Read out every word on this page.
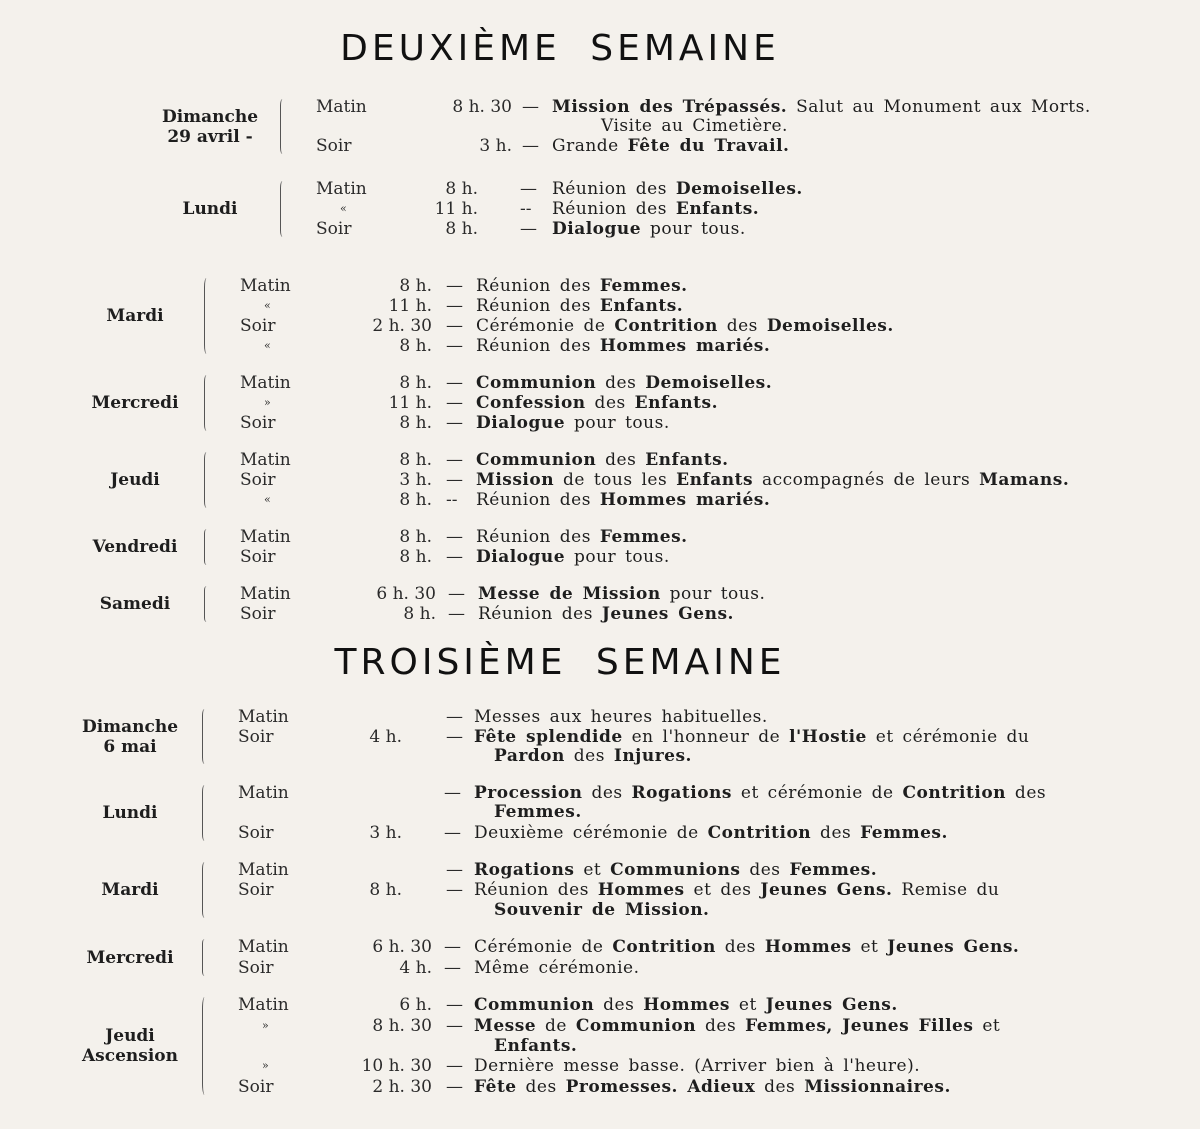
DEUXIÈME SEMAINE
Dimanche
29 avril -
Matin	8 h. 30 — Mission des Trépassés. Salut au Monument aux Morts.
Visite au Cimetière.
Soir	3 h. — Grande Fête du Travail.
Lundi
Matin	8 h. — Réunion des Demoiselles.
«	11 h. -- Réunion des Enfants.
Soir	8 h. — Dialogue pour tous.
Mardi
Matin	8 h. — Réunion des Femmes.
«	11 h. — Réunion des Enfants.
Soir	2 h. 30 — Cérémonie de Contrition des Demoiselles.
«	8 h. — Réunion des Hommes mariés.
Mercredi
Matin	8 h. — Communion des Demoiselles.
»	11 h. — Confession des Enfants.
Soir	8 h. — Dialogue pour tous.
Jeudi
Matin	8 h. — Communion des Enfants.
Soir	3 h. — Mission de tous les Enfants accompagnés de leurs Mamans.
«	8 h. -- Réunion des Hommes mariés.
Vendredi	Matin	8 h. — Réunion des Femmes.
Soir	8 h. — Dialogue pour tous.
Samedi	Matin	6 h. 30 — Messe de Mission pour tous.
Soir	8 h. — Réunion des Jeunes Gens.
TROISIÈME SEMAINE
Dimanche
6 mai
Matin	— Messes aux heures habituelles.
Soir	4 h.	— Fête splendide en l'honneur de l'Hostie et cérémonie du
Pardon des Injures.
Lundi
Matin	— Procession des Rogations et cérémonie de Contrition des
Femmes.
Soir	3 h. — Deuxième cérémonie de Contrition des Femmes.
Mardi
Matin	— Rogations et Communions des Femmes.
Soir	8 h.	— Réunion des Hommes et des Jeunes Gens. Remise du
Souvenir de Mission.
Mercredi
Matin	6 h. 30 — Cérémonie de Contrition des Hommes et Jeunes Gens.
Soir	4 h. — Même cérémonie.
Jeudi
Ascension
Matin	6 h. — Communion des Hommes et Jeunes Gens.
»	8 h. 30 — Messe de Communion des Femmes, Jeunes Filles et
Enfants.
»	10 h. 30 — Dernière messe basse. (Arriver bien à l'heure).
Soir	2 h. 30 — Fête des Promesses. Adieux des Missionnaires.
